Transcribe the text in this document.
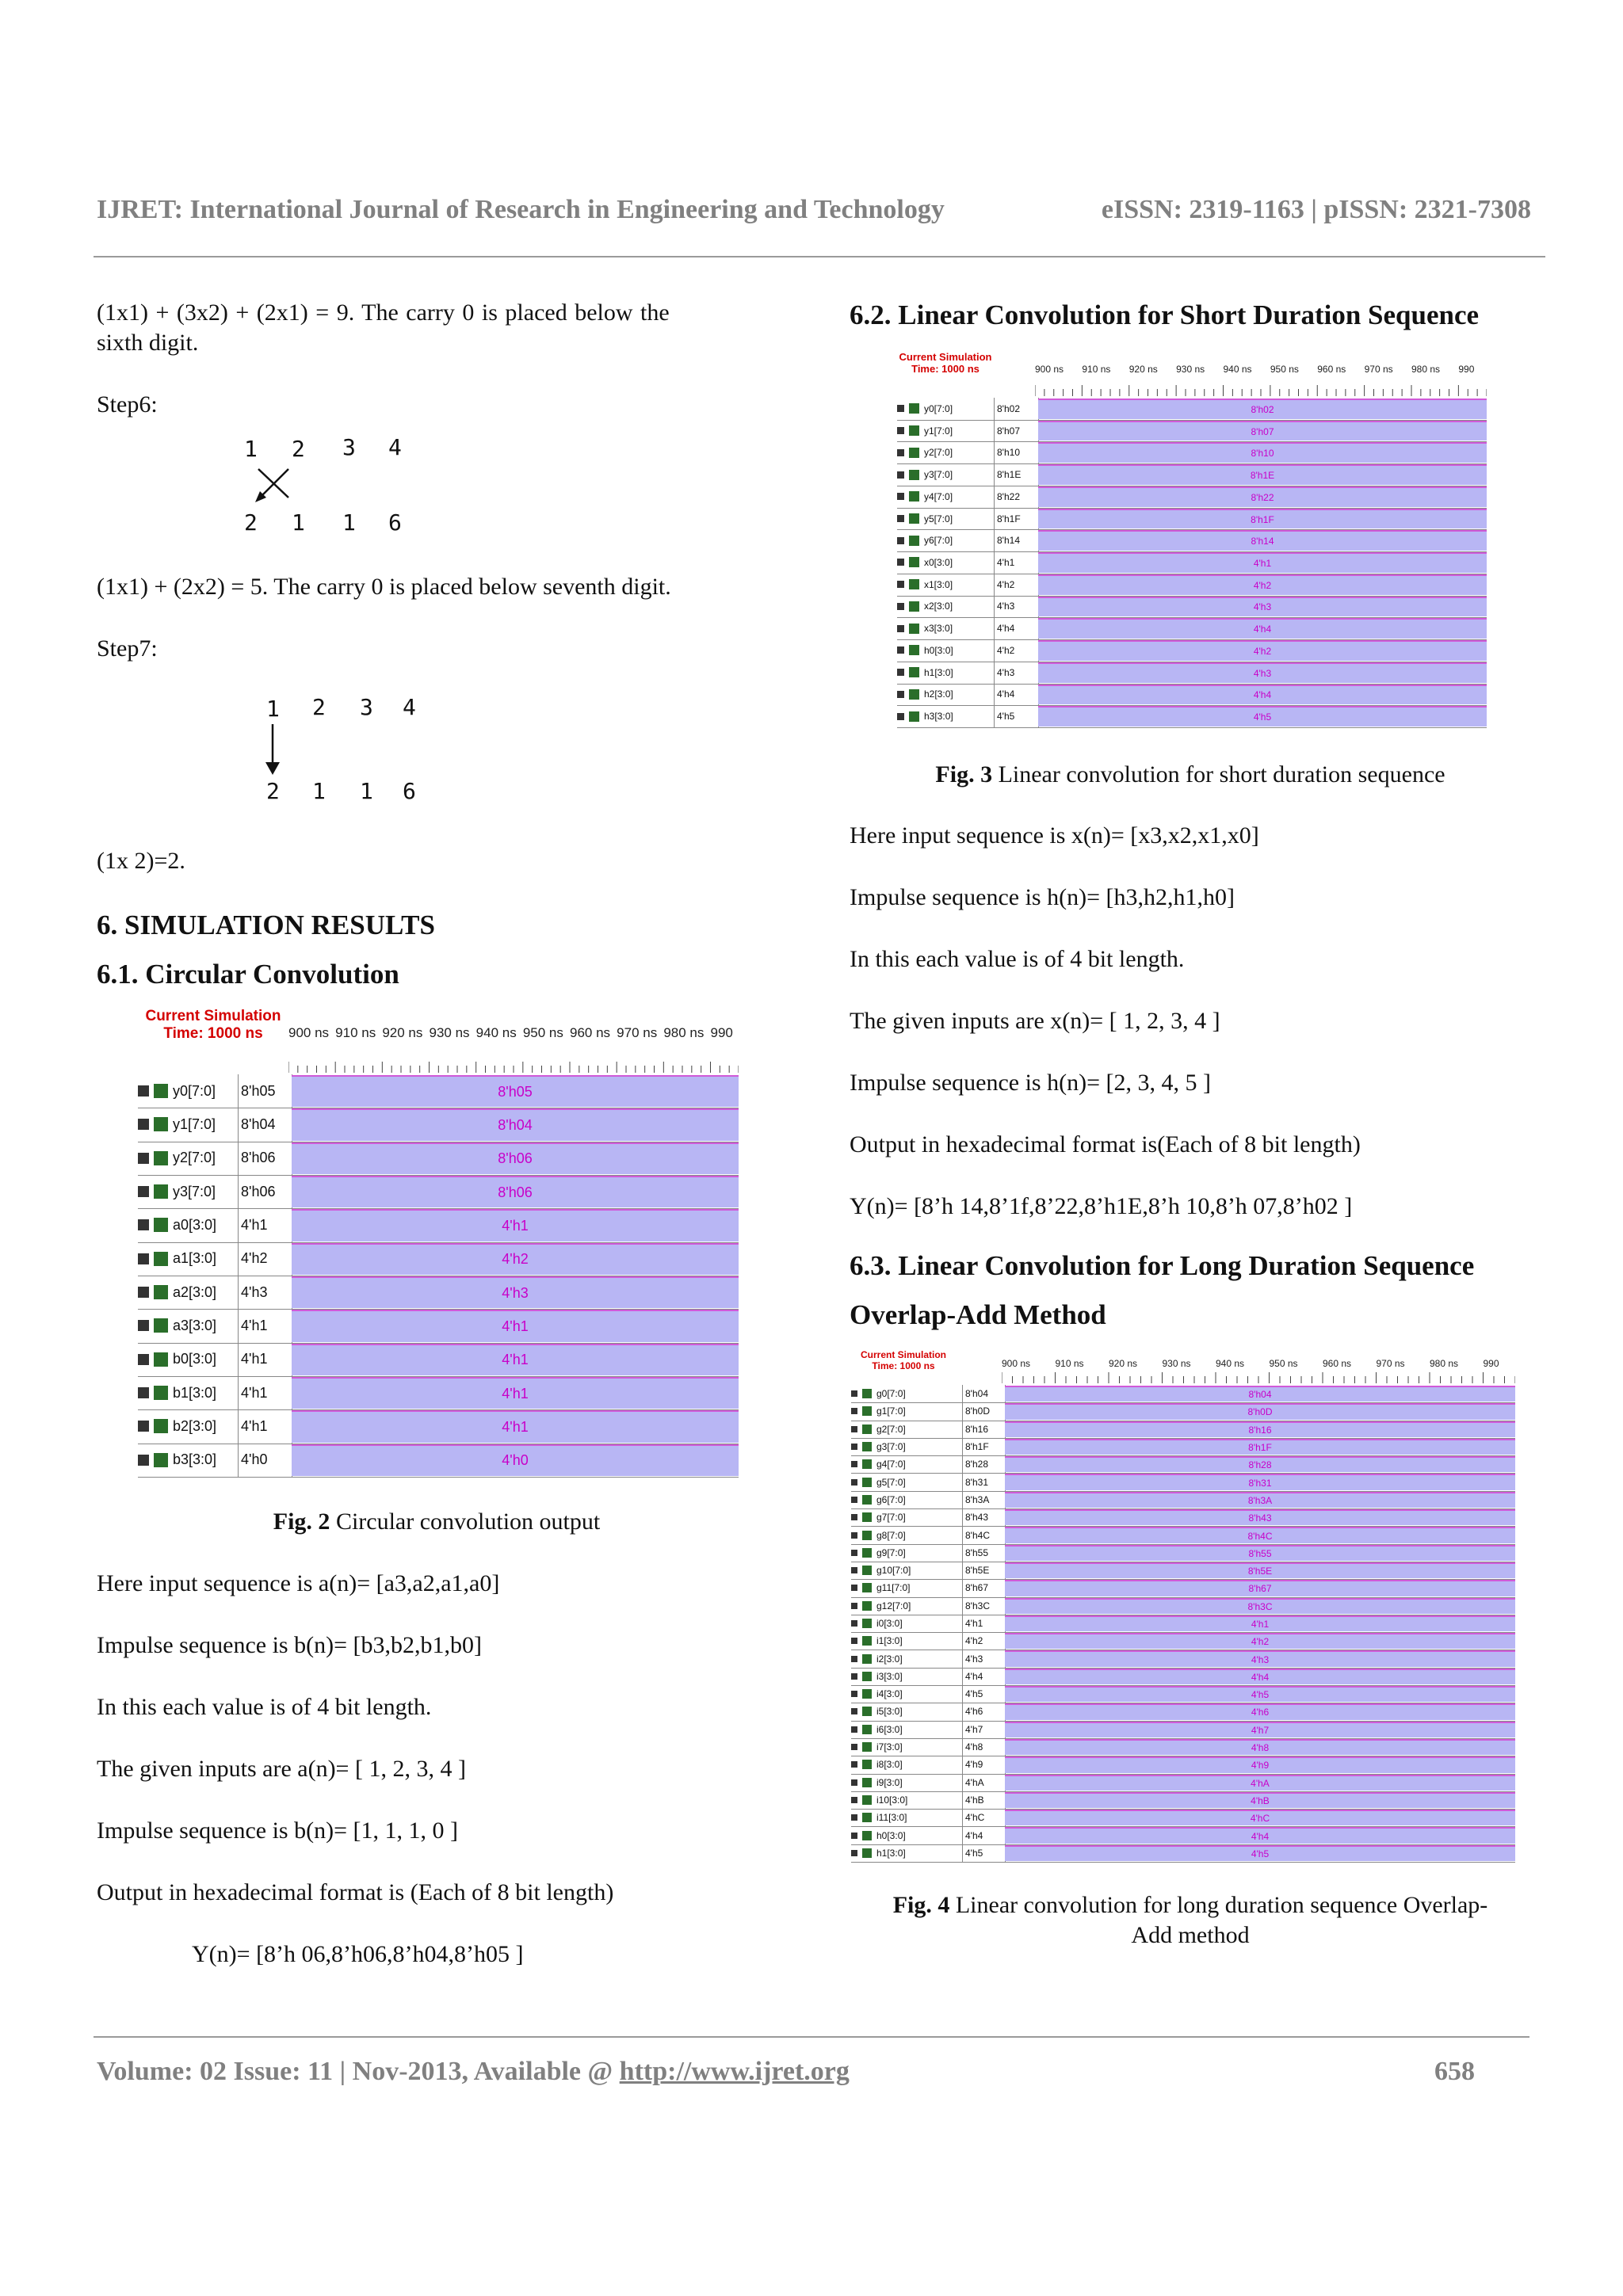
IJRET: International Journal of Research in Engineering and Technology	eISSN: 2319-1163 | pISSN: 2321-7308
(1x1) + (3x2) + (2x1) = 9. The carry 0 is placed below the
sixth digit.
Step6:
1 2 3 4
2 1 1 6
(1x1) + (2x2) = 5. The carry 0 is placed below seventh digit.
Step7:
1 2 3 4
2 1 1 6
(1x 2)=2.
6. SIMULATION RESULTS
6.1. Circular Convolution
Current Simulation
Time: 1000 ns	900 ns 910 ns 920 ns 930 ns 940 ns 950 ns 960 ns 970 ns 980 ns 990
y0[7:0] 8'h05	8'h05
y1[7:0] 8'h04	8'h04
y2[7:0] 8'h06	8'h06
y3[7:0] 8'h06	8'h06
a0[3:0] 4'h1	4'h1
a1[3:0] 4'h2	4'h2
a2[3:0] 4'h3	4'h3
a3[3:0] 4'h1	4'h1
b0[3:0] 4'h1	4'h1
b1[3:0] 4'h1	4'h1
b2[3:0] 4'h1	4'h1
b3[3:0] 4'h0	4'h0
Fig. 2 Circular convolution output
Here input sequence is a(n)= [a3,a2,a1,a0]
Impulse sequence is b(n)= [b3,b2,b1,b0]
In this each value is of 4 bit length.
The given inputs are a(n)= [ 1, 2, 3, 4 ]
Impulse sequence is b(n)= [1, 1, 1, 0 ]
Output in hexadecimal format is (Each of 8 bit length)
Y(n)= [8’h 06,8’h06,8’h04,8’h05 ]
6.2. Linear Convolution for Short Duration Sequence
Current Simulation
Time: 1000 ns	900 ns 910 ns 920 ns 930 ns 940 ns 950 ns 960 ns 970 ns 980 ns 990
y0[7:0]	8'h02	8'h02
y1[7:0]	8'h07	8'h07
y2[7:0]	8'h10	8'h10
y3[7:0]	8'h1E	8'h1E
y4[7:0]	8'h22	8'h22
y5[7:0]	8'h1F	8'h1F
y6[7:0]	8'h14	8'h14
x0[3:0]	4'h1	4'h1
x1[3:0]	4'h2	4'h2
x2[3:0]	4'h3	4'h3
x3[3:0]	4'h4	4'h4
h0[3:0]	4'h2	4'h2
h1[3:0]	4'h3	4'h3
h2[3:0]	4'h4	4'h4
h3[3:0]	4'h5	4'h5
Fig. 3 Linear convolution for short duration sequence
Here input sequence is x(n)= [x3,x2,x1,x0]
Impulse sequence is h(n)= [h3,h2,h1,h0]
In this each value is of 4 bit length.
The given inputs are x(n)= [ 1, 2, 3, 4 ]
Impulse sequence is h(n)= [2, 3, 4, 5 ]
Output in hexadecimal format is(Each of 8 bit length)
Y(n)= [8’h 14,8’1f,8’22,8’h1E,8’h 10,8’h 07,8’h02 ]
6.3. Linear Convolution for Long Duration Sequence
Overlap-Add Method
Current Simulation
Time: 1000 ns	900 ns	910 ns	920 ns	930 ns	940 ns	950 ns	960 ns	970 ns	980 ns	990
g0[7:0]	8'h04	8'h04
g1[7:0]	8'h0D	8'h0D
g2[7:0]	8'h16	8'h16
g3[7:0]	8'h1F	8'h1F
g4[7:0]	8'h28	8'h28
g5[7:0]	8'h31	8'h31
g6[7:0]	8'h3A	8'h3A
g7[7:0]	8'h43	8'h43
g8[7:0]	8'h4C	8'h4C
g9[7:0]	8'h55	8'h55
g10[7:0]	8'h5E	8'h5E
g11[7:0]	8'h67	8'h67
g12[7:0]	8'h3C	8'h3C
i0[3:0]	4'h1	4'h1
i1[3:0]	4'h2	4'h2
i2[3:0]	4'h3	4'h3
i3[3:0]	4'h4	4'h4
i4[3:0]	4'h5	4'h5
i5[3:0]	4'h6	4'h6
i6[3:0]	4'h7	4'h7
i7[3:0]	4'h8	4'h8
i8[3:0]	4'h9	4'h9
i9[3:0]	4'hA	4'hA
i10[3:0]	4'hB	4'hB
i11[3:0]	4'hC	4'hC
h0[3:0]	4'h4	4'h4
h1[3:0]	4'h5	4'h5
Fig. 4 Linear convolution for long duration sequence Overlap-
Add method
Volume: 02 Issue: 11 | Nov-2013, Available @ http://www.ijret.org	658
